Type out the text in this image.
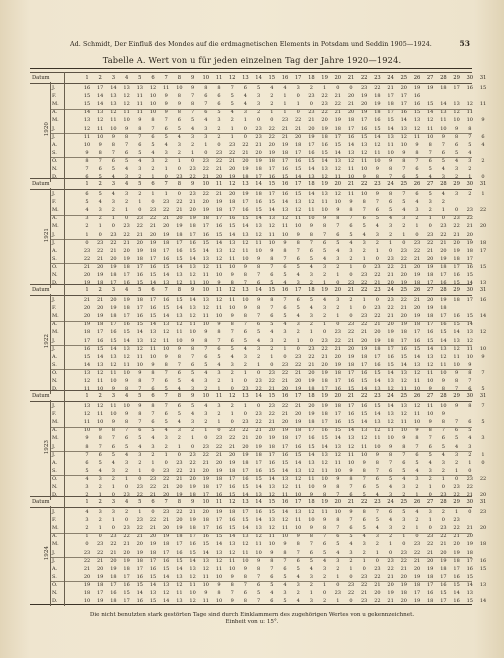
Ad. Schmidt, Der Einfluß des Mondes auf die erdmagnetischen Elements in Potsdam und Seddin 1905—1924.	53
Tabelle A. Wert von u für jeden einzelnen Tag der Jahre 1920—1924.
Datum	1	2	3	4	5	6	7	8	9	10	11	12	13	14	15	16	17	18	19	20	21	22	23	24	25	26	27	28	29	30	31
1920
J.	16	17	14	13	13	12	11	10	9	8	8	7	6	5	4	4	3	2	1	0	0	23	22	21	20	19	19	18	17	16	15
F.	15	14	13	12	11	10	9	8	7	6	6	5	4	3	2	1	0	23	22	21	20	19	18	17	17	16
M.	15	14	13	12	11	10	9	9	8	7	6	5	4	3	2	1	1	0	23	22	21	20	19	18	17	16	15	14	13	12	11
A.	14	13	12	11	11	10	9	8	7	6	5	4	3	2	1	1	0	23	22	21	20	19	18	17	16	15	14	13	12	11
M.	13	12	11	10	9	8	7	6	5	4	3	2	1	0	0	23	22	21	20	19	18	17	16	15	14	13	12	11	10	10	9
J.	12	11	10	9	8	7	6	5	4	3	2	1	0	23	22	21	21	20	19	18	17	16	15	14	13	12	11	10	9	8
J.	11	10	9	8	7	6	5	4	3	3	2	1	0	23	22	21	20	19	18	17	16	15	14	13	12	11	10	9	8	7	6
A.	10	9	8	7	6	5	4	3	2	1	0	23	22	21	20	19	18	17	16	15	14	13	12	11	10	9	8	7	6	5	4
S.	9	8	7	6	5	4	3	2	1	0	23	22	21	20	19	18	17	16	15	14	13	12	11	10	9	8	7	6	5	4
O.	8	7	6	5	4	3	2	1	0	23	22	21	20	19	18	17	16	15	14	13	12	11	10	9	8	7	6	5	4	3	2
N.	7	6	5	4	3	2	1	0	23	22	21	20	19	18	17	16	15	14	13	12	11	10	9	8	7	6	5	4	3	2
D.	6	5	4	3	2	1	0	23	22	21	20	19	18	17	16	15	14	13	12	11	10	9	8	7	6	5	4	3	2	1	0
Datum	1	2	3	4	5	6	7	8	9	10	11	12	13	14	15	16	17	18	19	20	21	22	23	24	25	26	27	28	29	30	31
1921
J.	6	5	4	3	2	1	1	0	23	22	21	20	19	18	17	16	15	14	13	12	11	10	9	8	7	6	5	4	3	2	1
F.	5	4	3	2	1	0	23	22	21	20	19	18	17	16	15	14	13	12	11	10	9	8	7	6	5	4	3	2
M.	4	3	2	1	0	23	22	21	20	19	18	17	16	15	14	13	12	11	10	9	8	7	6	5	4	3	2	1	0	23	22
A.	3	2	1	0	23	22	21	20	19	18	17	16	15	14	13	12	11	10	9	8	7	6	5	4	3	2	1	0	23	22
M.	2	1	0	23	22	21	20	19	18	17	16	15	14	13	12	11	10	9	8	7	6	5	4	3	2	1	0	23	22	21	20
J.	1	0	23	22	21	20	19	18	17	16	15	14	13	12	11	10	9	8	7	6	5	4	3	2	1	0	23	22	21	20
J.	0	23	22	21	20	19	18	17	16	15	14	13	12	11	10	9	8	7	6	5	4	3	2	1	0	23	22	21	20	19	18
A.	23	22	21	20	19	18	17	16	15	14	13	12	11	10	9	8	7	6	5	4	3	2	1	0	23	22	21	20	19	18	17
S.	22	21	20	19	18	17	16	15	14	13	12	11	10	9	8	7	6	5	4	3	2	1	0	23	22	21	20	19	18	17
O.	21	20	19	18	17	16	15	14	13	12	11	10	9	8	7	6	5	4	3	2	1	0	23	22	21	20	19	18	17	16	15
N.	20	19	18	17	16	15	14	13	12	11	10	9	8	7	6	5	4	3	2	1	0	23	22	21	20	19	18	17	16	15
D.	19	18	17	16	15	14	13	12	11	10	9	8	7	6	5	4	3	2	1	0	23	22	21	20	19	18	17	16	15	14	13
Datum	1	2	3	4	5	6	7	8	9	10	11	12	13	14	15	16	17	18	19	20	21	22	23	24	25	26	27	28	29	30	31
1922
J.	21	21	20	19	18	17	16	15	14	13	12	11	10	9	8	7	6	5	4	3	2	1	0	23	22	21	20	19	18	17	16
F.	20	20	19	18	17	16	15	14	13	12	11	10	9	8	7	6	5	4	3	2	1	0	23	22	21	20	19	18
M.	20	19	18	17	16	15	14	13	12	11	10	9	8	7	6	5	4	3	2	1	0	23	22	21	20	19	18	17	16	15	14
A.	19	18	17	16	15	14	13	12	11	10	9	8	7	6	5	4	3	2	1	0	23	22	21	20	19	18	17	16	15	14
M.	18	17	16	15	14	13	12	11	10	9	8	7	6	5	4	3	2	1	0	23	22	21	20	19	18	17	16	15	14	13	12
J.	17	16	15	14	13	12	11	10	9	8	7	6	5	4	3	2	1	0	23	22	21	20	19	18	17	16	15	14	13	12
J.	16	15	14	13	12	11	10	9	8	7	6	5	4	3	2	1	0	23	22	21	20	19	18	17	16	15	14	13	12	11	10
A.	15	14	13	12	11	10	9	8	7	6	5	4	3	2	1	0	23	22	21	20	19	18	17	16	15	14	13	12	11	10	9
S.	14	13	12	11	10	9	8	7	6	5	4	3	2	1	0	23	22	21	20	19	18	17	16	15	14	13	12	11	10	9
O.	13	12	11	10	9	8	7	6	5	4	3	2	1	0	23	22	21	20	19	18	17	16	15	14	13	12	11	10	9	8	7
N.	12	11	10	9	8	7	6	5	4	3	2	1	0	23	22	21	20	19	18	17	16	15	14	13	12	11	10	9	8	7
D.	11	10	9	8	7	6	5	4	3	2	1	0	23	22	21	20	19	18	17	16	15	14	13	12	11	10	9	8	7	6	5
Datum	1	2	3	4	5	6	7	8	9	10	11	12	13	14	15	16	17	18	19	20	21	22	23	24	25	26	27	28	29	30	31
1923
J.	13	12	11	10	9	8	7	6	5	4	3	2	1	0	23	22	21	20	19	18	17	16	15	14	13	12	11	10	9	8	7
F.	12	11	10	9	8	7	6	5	4	3	2	1	0	23	22	21	20	19	18	17	16	15	14	13	12	11	10	9
M.	11	10	9	8	7	6	5	4	3	2	1	0	23	22	21	20	19	18	17	16	15	14	13	12	11	10	9	8	7	6	5
A.	10	9	8	7	6	5	4	3	2	1	0	23	22	21	20	19	18	17	16	15	14	13	12	11	10	9	8	7	6	5
M.	9	8	7	6	5	4	3	2	1	0	23	22	21	20	19	18	17	16	15	14	13	12	11	10	9	8	7	6	5	4	3
J.	8	7	6	5	4	3	2	1	0	23	22	21	20	19	18	17	16	15	14	13	12	11	10	9	8	7	6	5	4	3
J.	7	6	5	4	3	2	1	0	23	22	21	20	19	18	17	16	15	14	13	12	11	10	9	8	7	6	5	4	3	2	1
A.	6	5	4	3	2	1	0	23	22	21	20	19	18	17	16	15	14	13	12	11	10	9	8	7	6	5	4	3	2	1	0
S.	5	4	3	2	1	0	23	22	21	20	19	18	17	16	15	14	13	12	11	10	9	8	7	6	5	4	3	2	1	0
O.	4	3	2	1	0	23	22	21	20	19	18	17	16	15	14	13	12	11	10	9	8	7	6	5	4	3	2	1	0	23	22
N.	3	2	1	0	23	22	21	20	19	18	17	16	15	14	13	12	11	10	9	8	7	6	5	4	3	2	1	0	23	22
D.	2	1	0	23	22	21	20	19	18	17	16	15	14	13	12	11	10	9	8	7	6	5	4	3	2	1	0	23	22	21	20
Datum	1	2	3	4	5	6	7	8	9	10	11	12	13	14	15	16	17	18	19	20	21	22	23	24	25	26	27	28	29	30	31
1924
J.	4	3	3	2	1	0	23	22	21	20	19	18	17	16	15	14	13	12	11	10	9	8	7	6	5	4	3	2	1	0	23
F.	3	2	1	0	23	22	21	20	19	18	17	16	15	14	13	12	11	10	9	8	7	6	5	4	3	2	1	0	23
M.	2	1	0	23	22	21	20	19	18	17	16	15	14	13	12	11	10	9	8	7	6	5	4	3	2	1	0	23	22	21	20
A.	1	0	23	22	21	20	19	18	17	16	15	14	13	12	11	10	9	8	7	6	5	4	3	2	1	0	23	22	21	20
M.	0	23	22	21	20	19	18	17	16	15	14	13	12	11	10	9	8	7	6	5	4	3	2	1	0	23	22	21	20	19	18
J.	23	22	21	20	19	18	17	16	15	14	13	12	11	10	9	8	7	6	5	4	3	2	1	0	23	22	21	20	19	18
J.	22	21	20	19	18	17	16	15	14	13	12	11	10	9	8	7	6	5	4	3	2	1	0	23	22	21	20	19	18	17	16
A.	21	20	19	18	17	16	15	14	13	12	11	10	9	8	7	6	5	4	3	2	1	0	23	22	21	20	19	18	17	16	15
S.	20	19	18	17	16	15	14	13	12	11	10	9	8	7	6	5	4	3	2	1	0	23	22	21	20	19	18	17	16	15
O.	19	18	17	16	15	14	13	12	11	10	9	8	7	6	5	4	3	2	1	0	23	22	21	20	19	18	17	16	15	14	13
N.	18	17	16	15	14	13	12	11	10	9	8	7	6	5	4	3	2	1	0	23	22	21	20	19	18	17	16	15	14	13
D.	10	19	18	17	16	15	14	13	12	11	10	9	8	7	6	5	4	3	2	1	0	23	22	21	20	19	18	17	16	15	14
Die nicht benutzten stark gestörten Tage sind durch Einklammern des zugehörigen Wertes von u gekennzeichnet.
Einheit von u: 15°.
